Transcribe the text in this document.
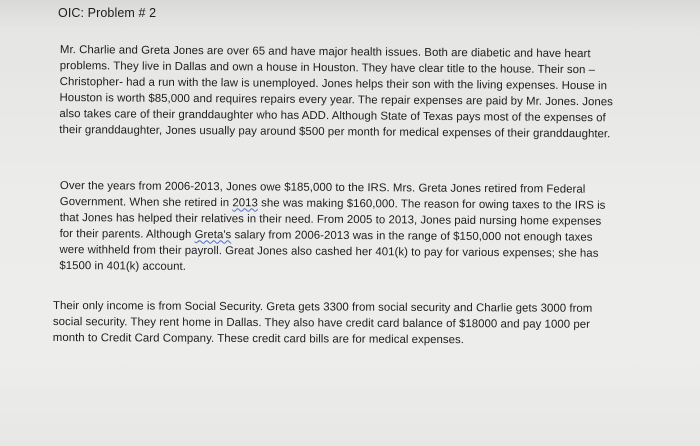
OIC: Problem # 2

Mr. Charlie and Greta Jones are over 65 and have major health issues. Both are diabetic and have heart problems. They live in Dallas and own a house in Houston. They have clear title to the house. Their son – Christopher- had a run with the law is unemployed. Jones helps their son with the living expenses. House in Houston is worth $85,000 and requires repairs every year. The repair expenses are paid by Mr. Jones. Jones also takes care of their granddaughter who has ADD. Although State of Texas pays most of the expenses of their granddaughter, Jones usually pay around $500 per month for medical expenses of their granddaughter.

Over the years from 2006-2013, Jones owe $185,000 to the IRS. Mrs. Greta Jones retired from Federal Government. When she retired in 2013 she was making $160,000. The reason for owing taxes to the IRS is that Jones has helped their relatives in their need. From 2005 to 2013, Jones paid nursing home expenses for their parents. Although Greta's salary from 2006-2013 was in the range of $150,000 not enough taxes were withheld from their payroll. Great Jones also cashed her 401(k) to pay for various expenses; she has $1500 in 401(k) account.

Their only income is from Social Security. Greta gets 3300 from social security and Charlie gets 3000 from social security. They rent home in Dallas. They also have credit card balance of $18000 and pay 1000 per month to Credit Card Company. These credit card bills are for medical expenses.
